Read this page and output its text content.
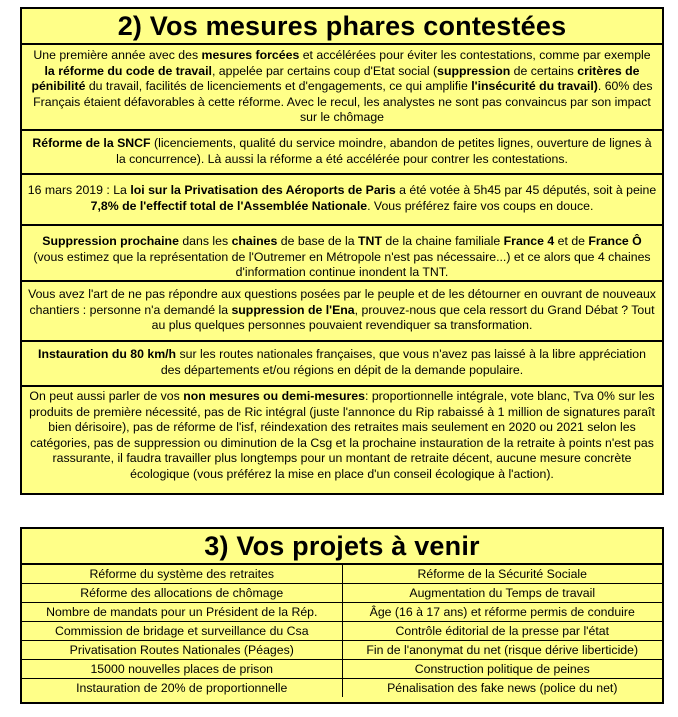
2) Vos mesures phares contestées
Une première année avec des mesures forcées et accélérées pour éviter les contestations, comme par exemple la réforme du code de travail, appelée par certains coup d'Etat social (suppression de certains critères de pénibilité du travail, facilités de licenciements et d'engagements, ce qui amplifie l'insécurité du travail). 60% des Français étaient défavorables à cette réforme. Avec le recul, les analystes ne sont pas convaincus par son impact sur le chômage
Réforme de la SNCF (licenciements, qualité du service moindre, abandon de petites lignes, ouverture de lignes à la concurrence). Là aussi la réforme a été accélérée pour contrer les contestations.
16 mars 2019 : La loi sur la Privatisation des Aéroports de Paris a été votée à 5h45 par 45 députés, soit à peine 7,8% de l'effectif total de l'Assemblée Nationale. Vous préférez faire vos coups en douce.
Suppression prochaine dans les chaines de base de la TNT de la chaine familiale France 4 et de France Ô (vous estimez que la représentation de l'Outremer en Métropole n'est pas nécessaire...) et ce alors que 4 chaines d'information continue inondent la TNT.
Vous avez l'art de ne pas répondre aux questions posées par le peuple et de les détourner en ouvrant de nouveaux chantiers : personne n'a demandé la suppression de l'Ena, prouvez-nous que cela ressort du Grand Débat ? Tout au plus quelques personnes pouvaient revendiquer sa transformation.
Instauration du 80 km/h sur les routes nationales françaises, que vous n'avez pas laissé à la libre appréciation des départements et/ou régions en dépit de la demande populaire.
On peut aussi parler de vos non mesures ou demi-mesures: proportionnelle intégrale, vote blanc, Tva 0% sur les produits de première nécessité, pas de Ric intégral (juste l'annonce du Rip rabaissé à 1 million de signatures paraît bien dérisoire), pas de réforme de l'isf, réindexation des retraites mais seulement en 2020 ou 2021 selon les catégories, pas de suppression ou diminution de la Csg et la prochaine instauration de la retraite à points n'est pas rassurante, il faudra travailler plus longtemps pour un montant de retraite décent, aucune mesure concrète écologique (vous préférez la mise en place d'un conseil écologique à l'action).
3) Vos projets à venir
Réforme du système des retraites	Réforme de la Sécurité Sociale
Réforme des allocations de chômage	Augmentation du Temps de travail
Nombre de mandats pour un Président de la Rép.	Âge (16 à 17 ans) et réforme permis de conduire
Commission de bridage et surveillance du Csa	Contrôle éditorial de la presse par l'état
Privatisation Routes Nationales (Péages)	Fin de l'anonymat du net (risque dérive liberticide)
15000 nouvelles places de prison	Construction politique de peines
Instauration de 20% de proportionnelle	Pénalisation des fake news (police du net)
